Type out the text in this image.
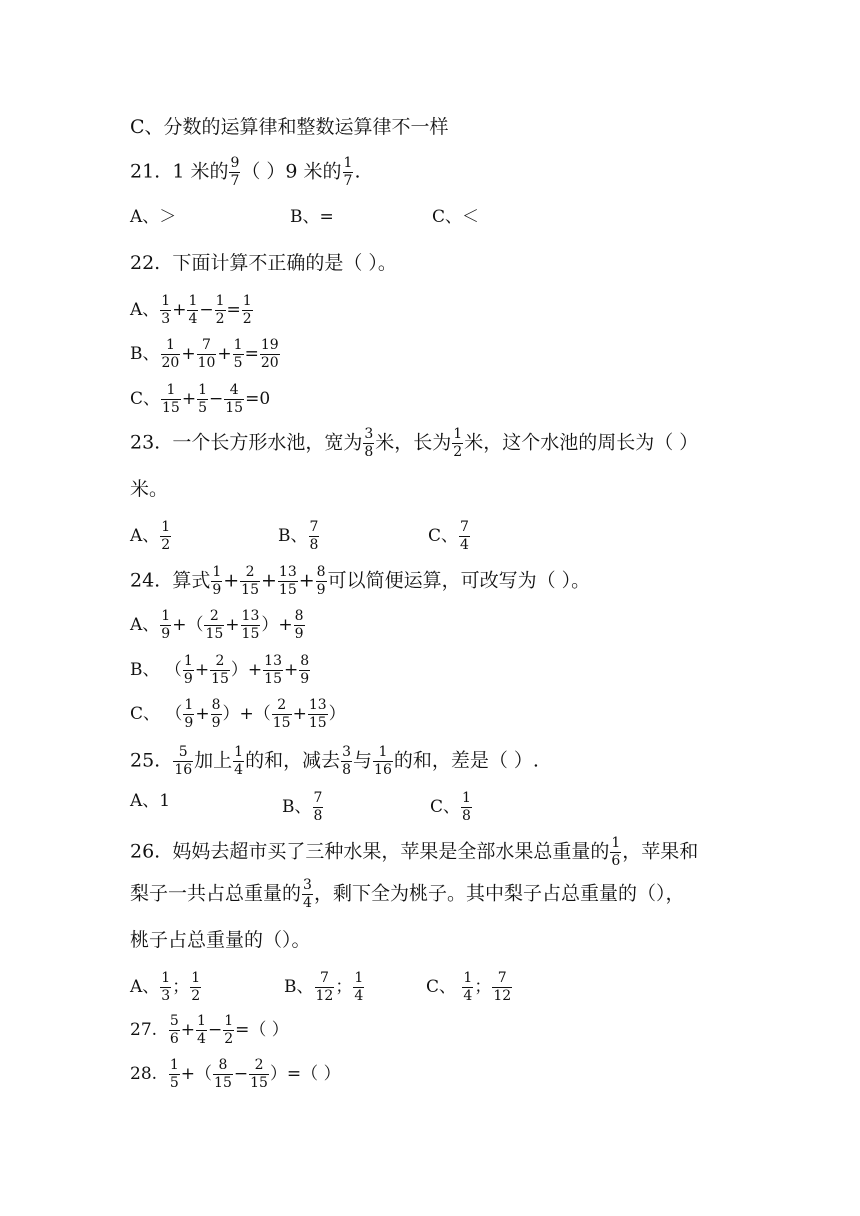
C、分数的运算律和整数运算律不一样
21. 1 米的 $\frac{9}{7}$ （ ）9 米的 $\frac{1}{7}$ .
A、＞	B、=	C、＜
22. 下面计算不正确的是（ ）。
A、 $\frac{1}{3} + \frac{1}{4} - \frac{1}{2} = \frac{1}{2}$
B、 $\frac{1}{20} + \frac{7}{10} + \frac{1}{5} = \frac{19}{20}$
C、 $\frac{1}{15} + \frac{1}{5} - \frac{4}{15} =0$
23. 一个长方形水池，宽为 $\frac{3}{8}$ 米，长为 $\frac{1}{2}$ 米，这个水池的周长为（ ）
米。
A、 $\frac{1}{2}$	B、 $\frac{7}{8}$	C、 $\frac{7}{4}$
24. 算式 $\frac{1}{9} + \frac{2}{15} + \frac{13}{15} + \frac{8}{9}$ 可以简便运算，可改写为（ ）。
A、 $\frac{1}{9}$ +（ $\frac{2}{15} + \frac{13}{15}$ ）+ $\frac{8}{9}$
B、 （ $\frac{1}{9} + \frac{2}{15}$ ）+ $\frac{13}{15} + \frac{8}{9}$
C、 （ $\frac{1}{9} + \frac{8}{9}$ ）+（ $\frac{2}{15} + \frac{13}{15}$ ）
25. $\frac{5}{16}$ 加上 $\frac{1}{4}$ 的和，减去 $\frac{3}{8}$ 与 $\frac{1}{16}$ 的和，差是（ ）.
A、1	B、 $\frac{7}{8}$	C、 $\frac{1}{8}$
26. 妈妈去超市买了三种水果，苹果是全部水果总重量的 $\frac{1}{6}$ ，苹果和
梨子一共占总重量的 $\frac{3}{4}$ ，剩下全为桃子。其中梨子占总重量的（），
桃子占总重量的（）。
A、 $\frac{1}{3}$ ； $\frac{1}{2}$	B、 $\frac{7}{12}$ ； $\frac{1}{4}$	C、 $\frac{1}{4}$ ； $\frac{7}{12}$
27. $\frac{5}{6} + \frac{1}{4} - \frac{1}{2}$ =（ ）
28. $\frac{1}{5}$ +（ $\frac{8}{15} - \frac{2}{15}$ ）=（ ）
